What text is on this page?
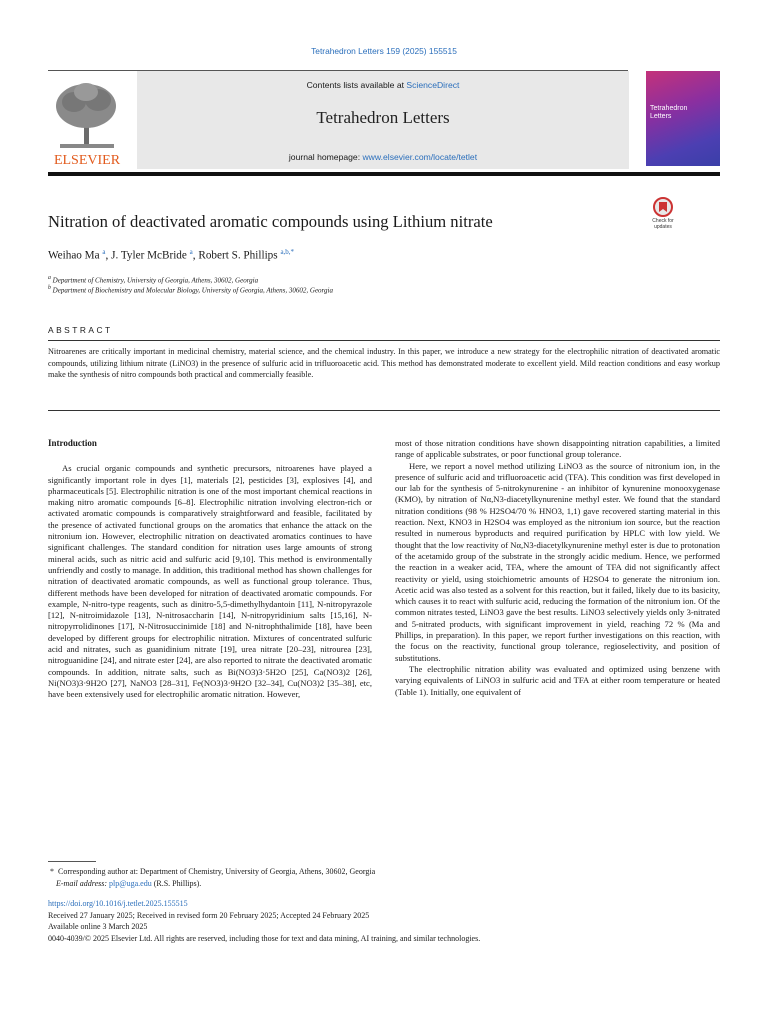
Tetrahedron Letters 159 (2025) 155515
ELSEVIER
Contents lists available at ScienceDirect
Tetrahedron Letters
journal homepage: www.elsevier.com/locate/tetlet
Tetrahedron
Letters
Nitration of deactivated aromatic compounds using Lithium nitrate	Check for
updates
Weihao Ma $^a$, J. Tyler McBride $^a$, Robert S. Phillips $^{a,b,*}$
$^a$ Department of Chemistry, University of Georgia, Athens, 30602, Georgia
$^b$ Department of Biochemistry and Molecular Biology, University of Georgia, Athens, 30602, Georgia
ABSTRACT
Nitroarenes are critically important in medicinal chemistry, material science, and the chemical industry. In this paper, we introduce a new strategy for the electrophilic nitration of deactivated aromatic compounds, utilizing lithium nitrate (LiNO3) in the presence of sulfuric acid in trifluoroacetic acid. This method has demonstrated moderate to excellent yield. Mild reaction conditions and easy workup make the synthesis of nitro compounds both practical and commercially feasible.
Introduction

As crucial organic compounds and synthetic precursors, nitroarenes have played a significantly important role in dyes [1], materials [2], pesticides [3], explosives [4], and pharmaceuticals [5]. Electrophilic nitration is one of the most important chemical reactions in making nitro aromatic compounds [6–8]. Electrophilic nitration involving electron-rich or activated aromatic compounds is comparatively straightforward and feasible, facilitated by the presence of activated functional groups on the aromatics that enhance the attack on the nitronium ion. However, electrophilic nitration on deactivated aromatics continues to have significant challenges. The standard condition for nitration uses large amounts of strong mineral acids, such as nitric acid and sulfuric acid [9,10]. This method is environmentally unfriendly and costly to manage. In addition, this traditional method has shown challenges for nitration of deactivated aromatic compounds, as well as functional group tolerance. Thus, different methods have been developed for nitration of deactivated aromatic compounds. For example, N-nitro-type reagents, such as dinitro-5,5-dimethylhydantoin [11], N-nitropyrazole [12], N-nitroimidazole [13], N-nitrosaccharin [14], N-nitropyridinium salts [15,16], N-nitropyrrolidinones [17], N-Nitrosuccinimide [18] and N-nitrophthalimide [18], have been developed by different groups for electrophilic nitration. Mixtures of concentrated sulfuric acid and nitrates, such as guanidinium nitrate [19], urea nitrate [20–23], nitrourea [23], nitroguanidine [24], and nitrate ester [24], are also reported to nitrate the deactivated aromatic compounds. In addition, nitrate salts, such as Bi(NO3)3·5H2O [25], Ca(NO3)2 [26], Ni(NO3)3·9H2O [27], NaNO3 [28–31], Fe(NO3)3·9H2O [32–34], Cu(NO3)2 [35–38], etc, have been extensively used for electrophilic aromatic nitration. However,

most of those nitration conditions have shown disappointing nitration capabilities, a limited range of applicable substrates, or poor functional group tolerance.

Here, we report a novel method utilizing LiNO3 as the source of nitronium ion, in the presence of sulfuric acid and trifluoroacetic acid (TFA). This condition was first developed in our lab for the synthesis of 5-nitrokynurenine - an inhibitor of kynurenine monooxygenase (KMO), by nitration of Nα,N3-diacetylkynurenine methyl ester. We found that the standard nitration conditions (98 % H2SO4/70 % HNO3, 1,1) gave recovered starting material in this reaction. Next, KNO3 in H2SO4 was employed as the nitronium ion source, but the reaction resulted in numerous byproducts and required purification by HPLC with low yield. We thought that the low reactivity of Nα,N3-diacetylkynurenine methyl ester is due to protonation of the acetamido group of the substrate in the strongly acidic medium. Hence, we performed the reaction in a weaker acid, TFA, where the amount of TFA did not significantly affect reactivity or yield, using stoichiometric amounts of H2SO4 to generate the nitronium ion. Acetic acid was also tested as a solvent for this reaction, but it failed, likely due to its basicity, which causes it to react with sulfuric acid, reducing the formation of the nitronium ion. Of the common nitrates tested, LiNO3 gave the best results. LiNO3 selectively yields only 3-nitrated and 5-nitrated products, with significant improvement in yield, reaching 72 % (Ma and Phillips, in preparation). In this paper, we report further investigations on this reaction, with the focus on the reactivity, functional group tolerance, regioselectivity, and position of substitutions.

The electrophilic nitration ability was evaluated and optimized using benzene with varying equivalents of LiNO3 in sulfuric acid and TFA at either room temperature or heated (Table 1). Initially, one equivalent of

*  Corresponding author at: Department of Chemistry, University of Georgia, Athens, 30602, Georgia
E-mail address: plp@uga.edu (R.S. Phillips).
https://doi.org/10.1016/j.tetlet.2025.155515
Received 27 January 2025; Received in revised form 20 February 2025; Accepted 24 February 2025
Available online 3 March 2025
0040-4039/© 2025 Elsevier Ltd. All rights are reserved, including those for text and data mining, AI training, and similar technologies.
